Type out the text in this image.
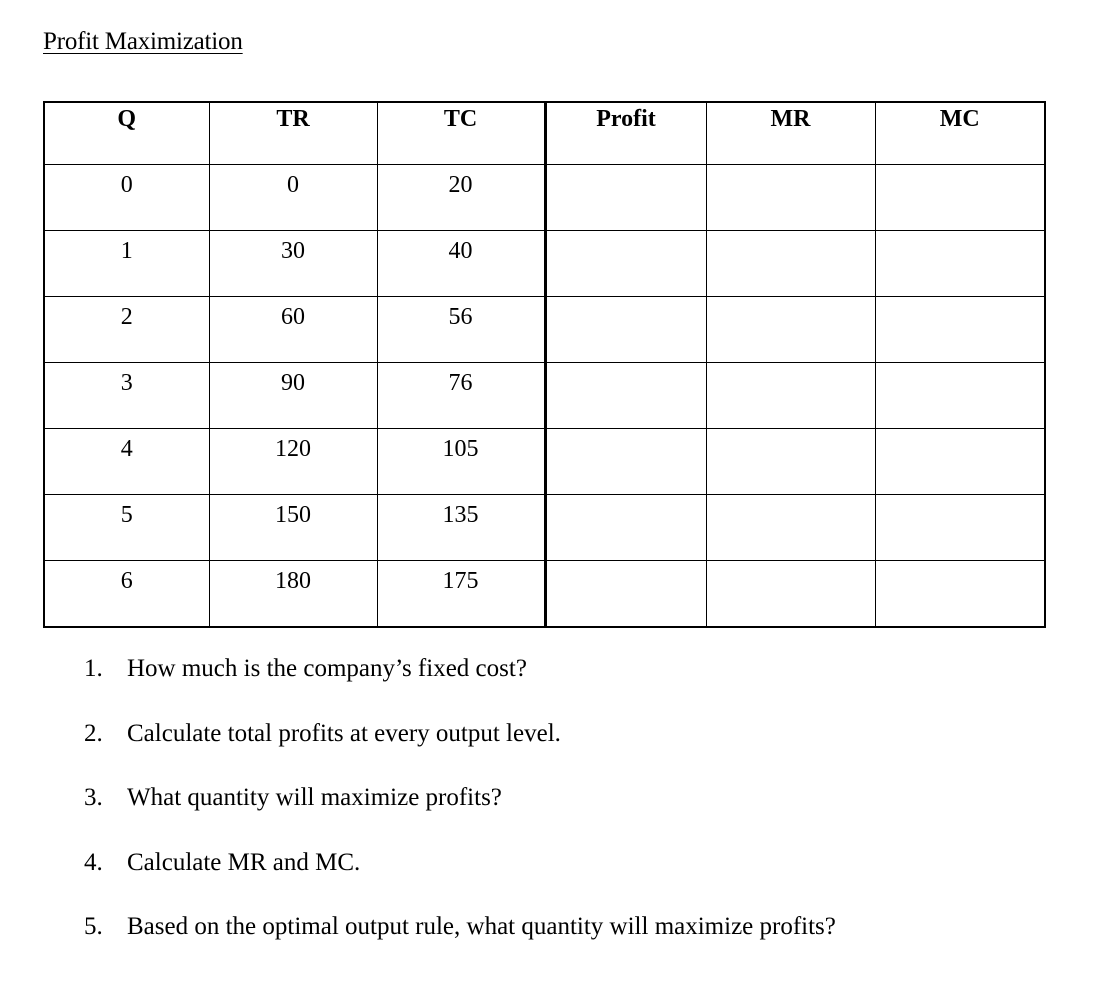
Profit Maximization
Q	TR	TC	Profit	MR	MC
0	0	20			
1	30	40			
2	60	56			
3	90	76			
4	120	105			
5	150	135			
6	180	175			
1. How much is the company’s fixed cost?
2. Calculate total profits at every output level.
3. What quantity will maximize profits?
4. Calculate MR and MC.
5. Based on the optimal output rule, what quantity will maximize profits?
